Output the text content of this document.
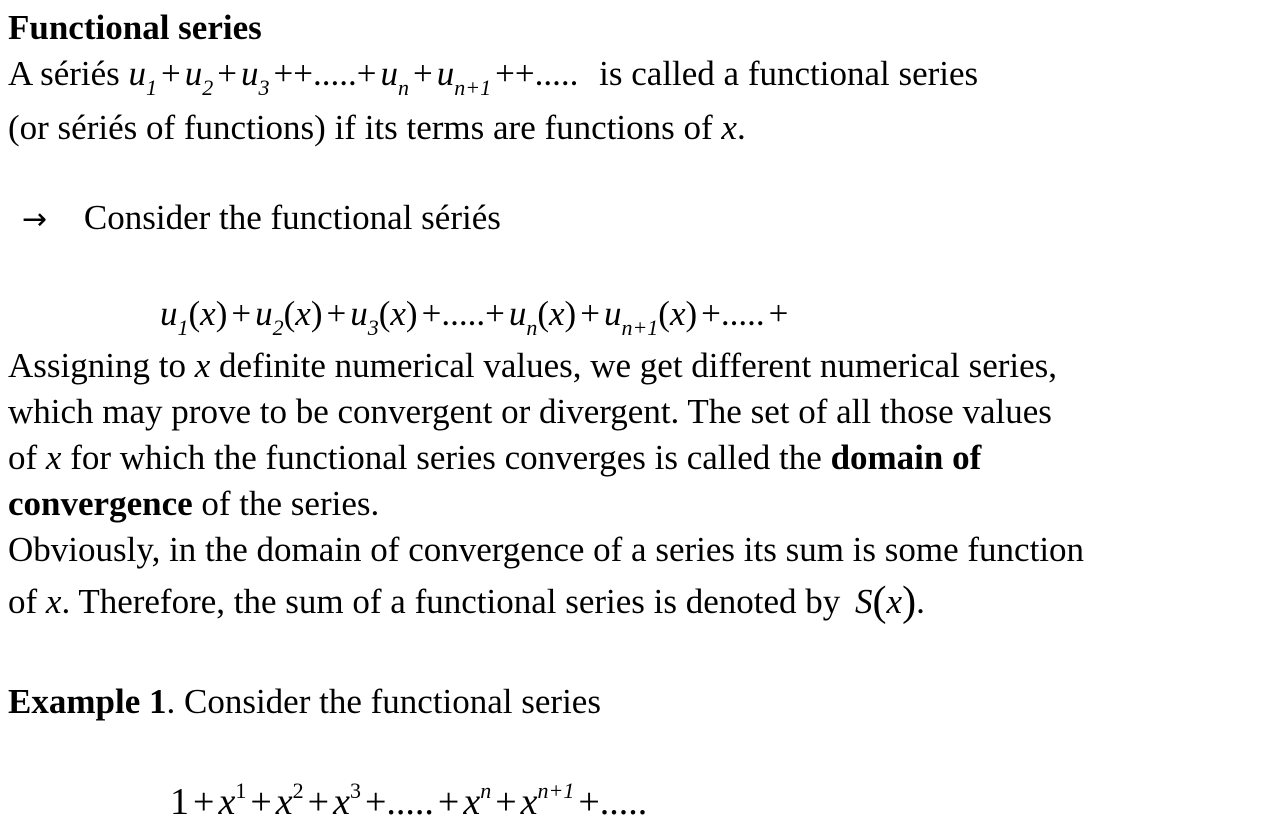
Functional series
A sériés $u_1 + u_2 + u_3$ ++.....+ $u_n + u_{n+1}$ ++..... is called a functional series
(or sériés of functions) if its terms are functions of x.
→ Consider the functional sériés
$u_1(x) + u_2(x) + u_3(x)$ +.....+ $u_n(x) + u_{n+1}(x)$ +..... +
Assigning to x definite numerical values, we get different numerical series,
which may prove to be convergent or divergent. The set of all those values
of x for which the functional series converges is called the domain of
convergence of the series.
Obviously, in the domain of convergence of a series its sum is some function
of x. Therefore, the sum of a functional series is denoted by S(x).
Example 1. Consider the functional series
$1 + x^1 + x^2 + x^3$ +..... + $x^n + x^{n+1}$ +.....
